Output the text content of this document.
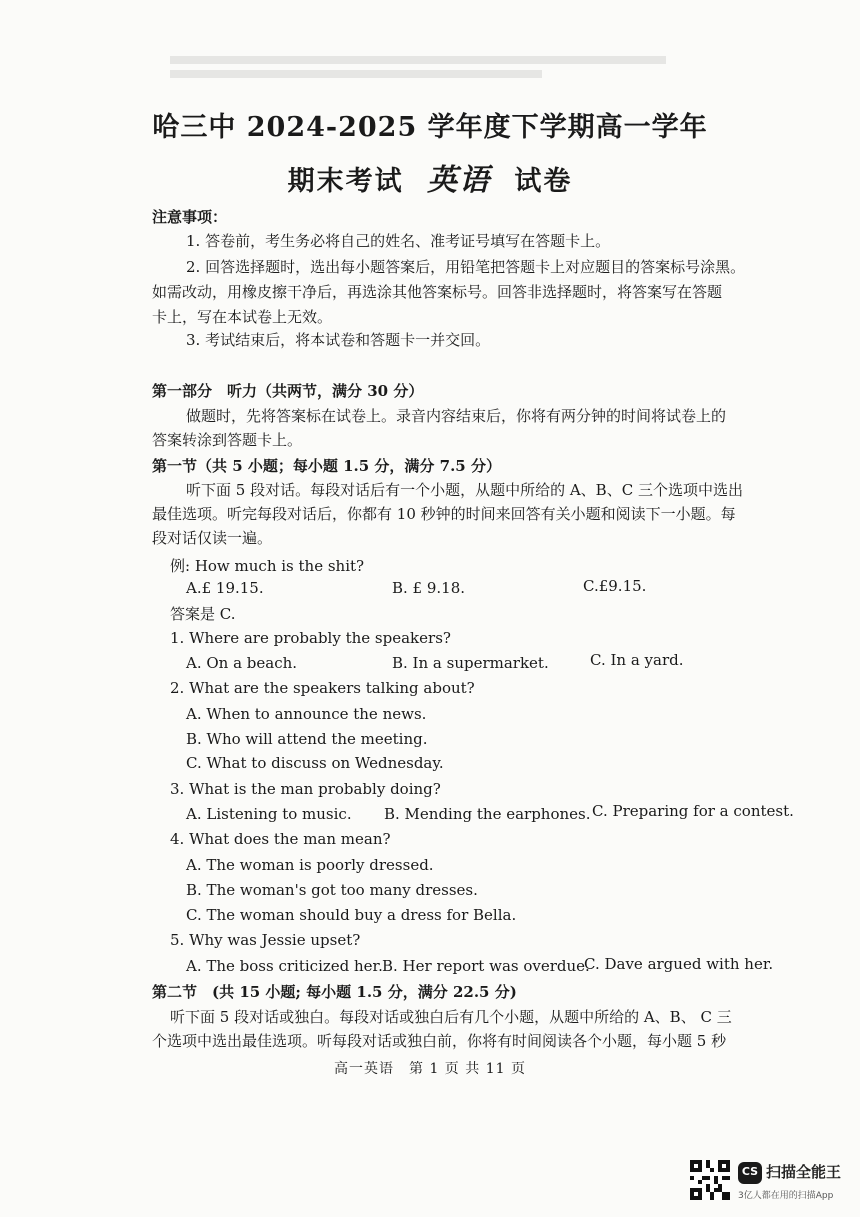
哈三中 2024-2025 学年度下学期高一学年
期末考试 英语 试卷
注意事项：
1. 答卷前，考生务必将自己的姓名、准考证号填写在答题卡上。
2. 回答选择题时，选出每小题答案后，用铅笔把答题卡上对应题目的答案标号涂黑。
如需改动，用橡皮擦干净后，再选涂其他答案标号。回答非选择题时，将答案写在答题
卡上，写在本试卷上无效。
3. 考试结束后，将本试卷和答题卡一并交回。
第一部分　听力（共两节，满分 30 分）
做题时，先将答案标在试卷上。录音内容结束后，你将有两分钟的时间将试卷上的
答案转涂到答题卡上。
第一节（共 5 小题；每小题 1.5 分，满分 7.5 分）
听下面 5 段对话。每段对话后有一个小题，从题中所给的 A、B、C 三个选项中选出
最佳选项。听完每段对话后，你都有 10 秒钟的时间来回答有关小题和阅读下一小题。每
段对话仅读一遍。
例: How much is the shit?
A.£ 19.15.	B. £ 9.18.	C.£9.15.
答案是 C.
1. Where are probably the speakers?
A. On a beach.	B. In a supermarket.	C. In a yard.
2. What are the speakers talking about?
A. When to announce the news.
B. Who will attend the meeting.
C. What to discuss on Wednesday.
3. What is the man probably doing?
A. Listening to music. B. Mending the earphones. C. Preparing for a contest.
4. What does the man mean?
A. The woman is poorly dressed.
B. The woman's got too many dresses.
C. The woman should buy a dress for Bella.
5. Why was Jessie upset?
A. The boss criticized her. B. Her report was overdue.
C. Dave argued with her.
第二节　(共 15 小题; 每小题 1.5 分，满分 22.5 分)
听下面 5 段对话或独白。每段对话或独白后有几个小题，从题中所给的 A、B、 C 三
个选项中选出最佳选项。听每段对话或独白前，你将有时间阅读各个小题，每小题 5 秒
高一英语　第 1 页 共 11 页
CS 扫描全能王
3亿人都在用的扫描App
